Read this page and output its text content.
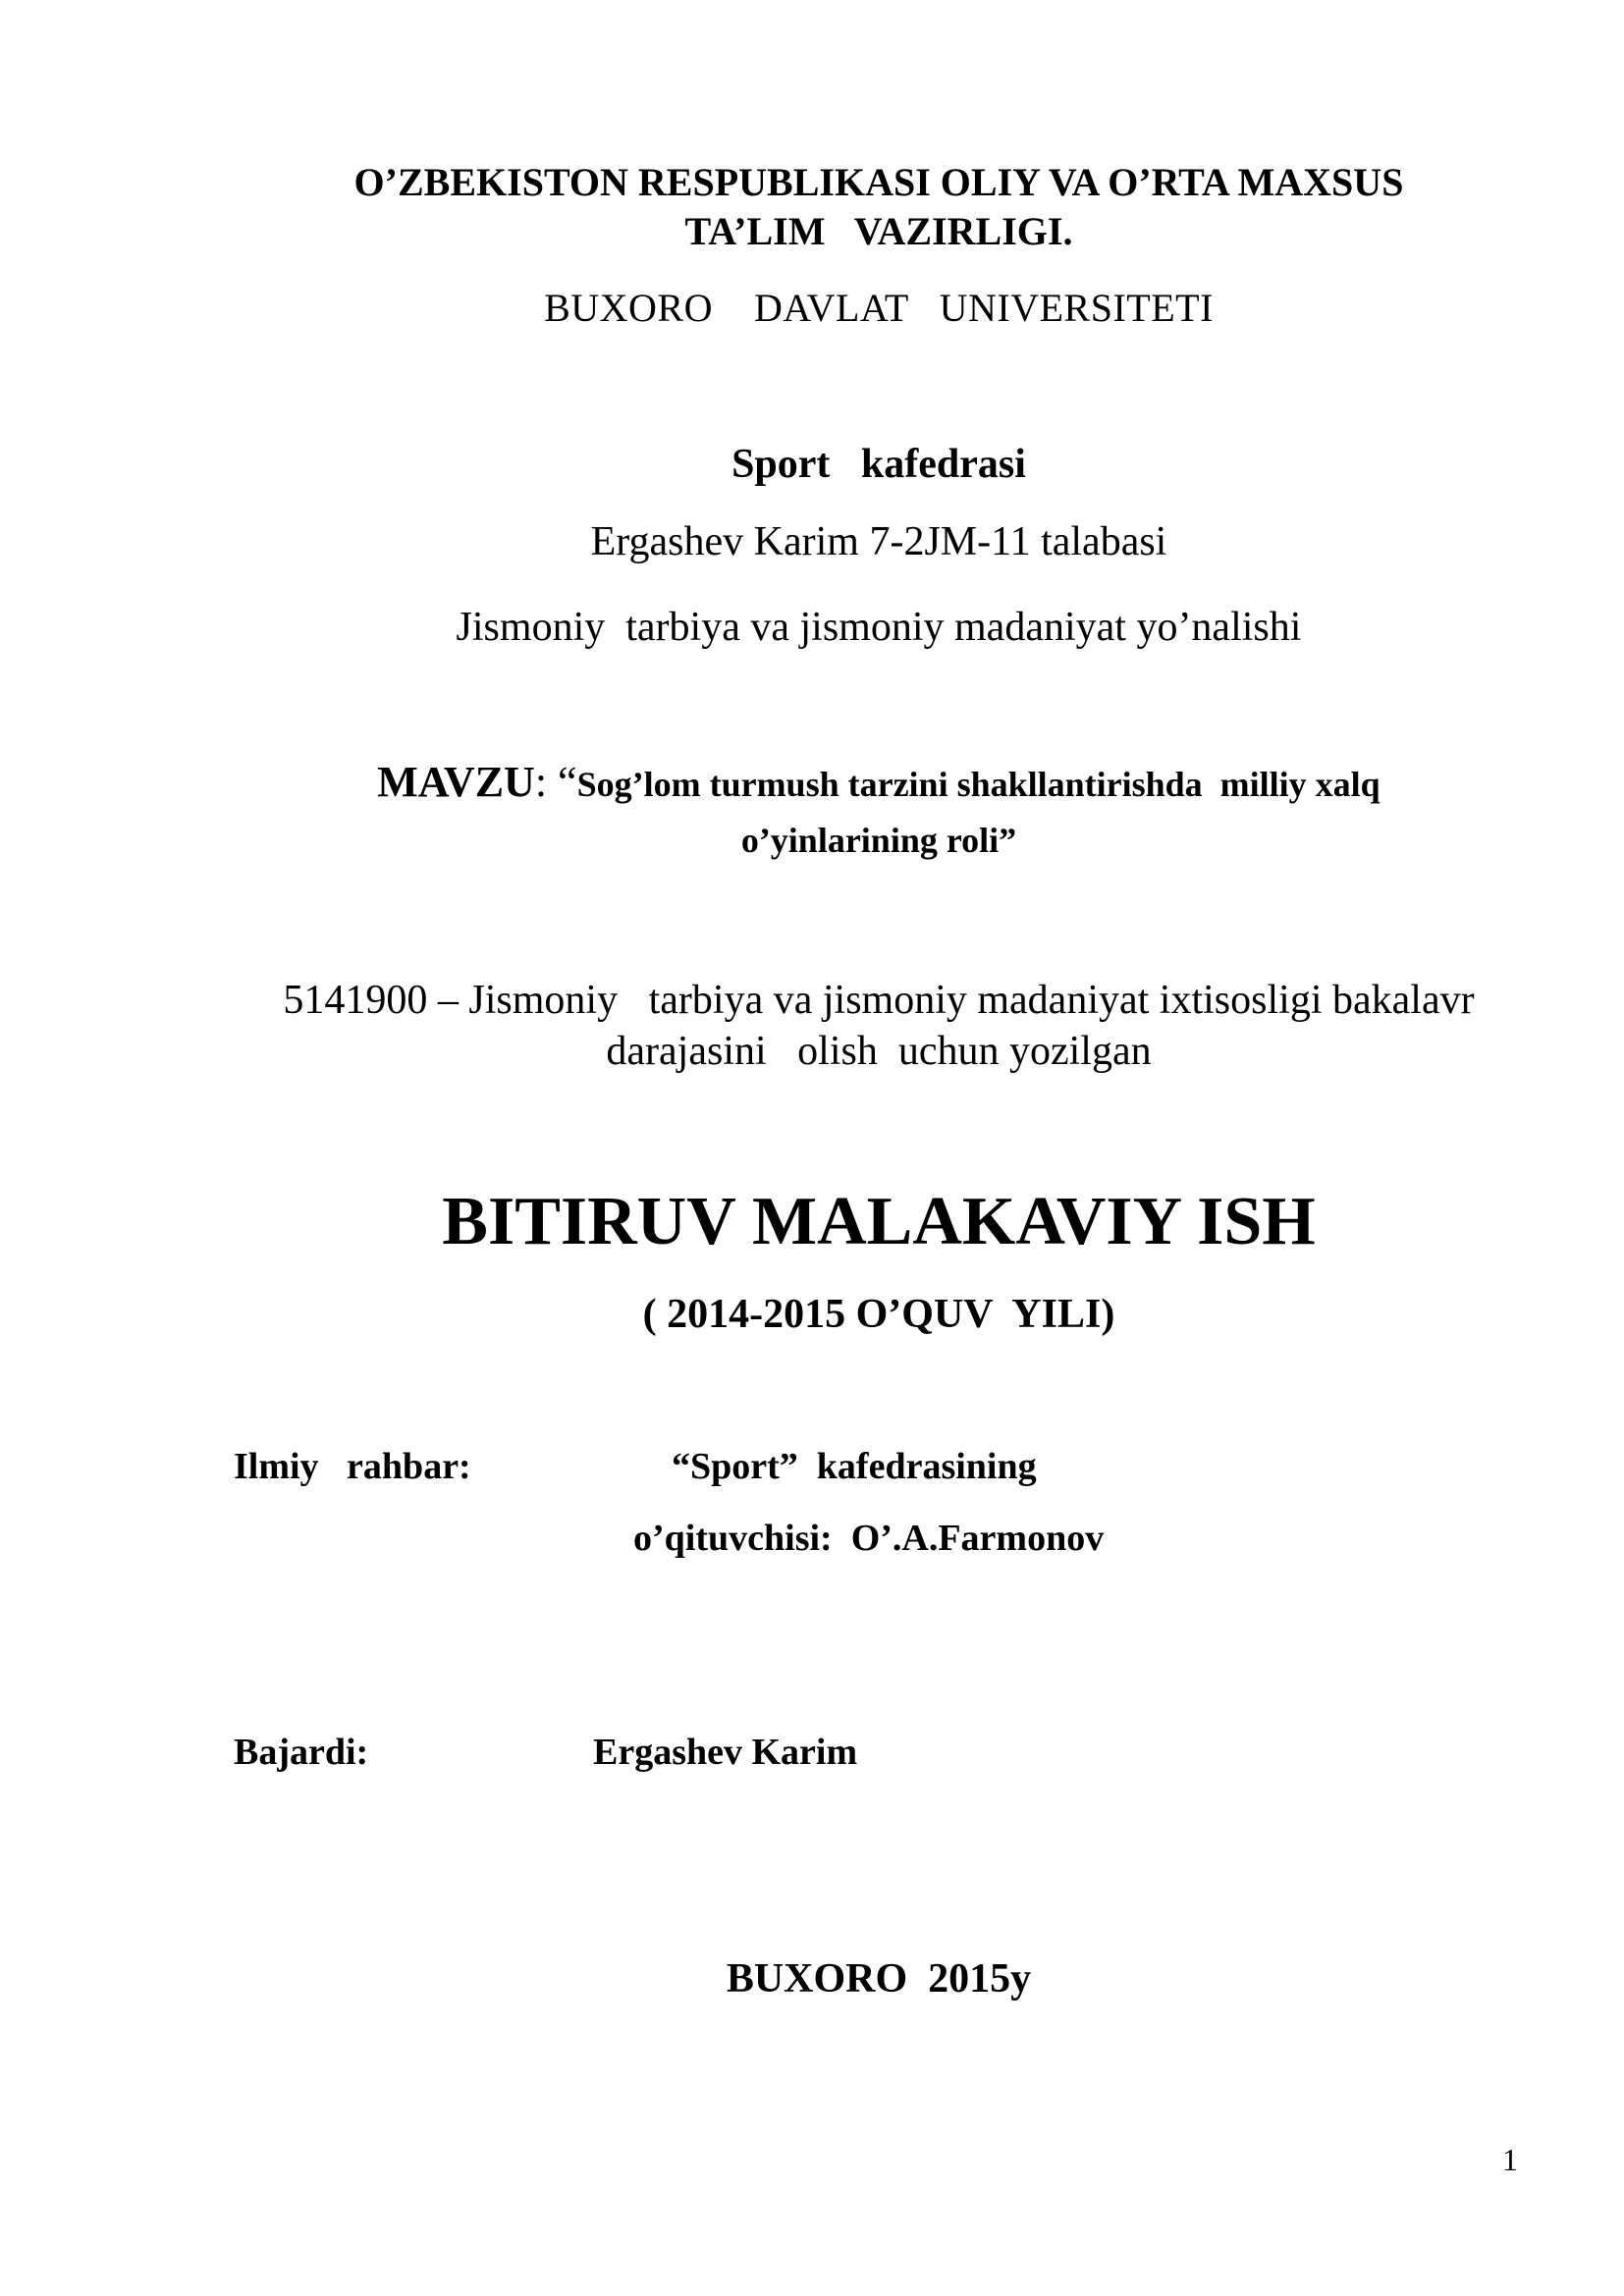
O’ZBEKISTON RESPUBLIKASI OLIY VA O’RTA MAXSUS
TA’LIM   VAZIRLIGI.
BUXORO    DAVLAT   UNIVERSITETI
Sport   kafedrasi
Ergashev Karim 7-2JM-11 talabasi
Jismoniy  tarbiya va jismoniy madaniyat yo’nalishi
MAVZU: “Sog’lom turmush tarzini shakllantirishda  milliy xalq
o’yinlarining roli”
5141900 – Jismoniy   tarbiya va jismoniy madaniyat ixtisosligi bakalavr
darajasini   olish  uchun yozilgan
BITIRUV MALAKAVIY ISH
( 2014-2015 O’QUV  YILI)
Ilmiy   rahbar:	“Sport”  kafedrasining
o’qituvchisi:  O’.A.Farmonov
Bajardi:	Ergashev Karim
BUXORO  2015y
1
